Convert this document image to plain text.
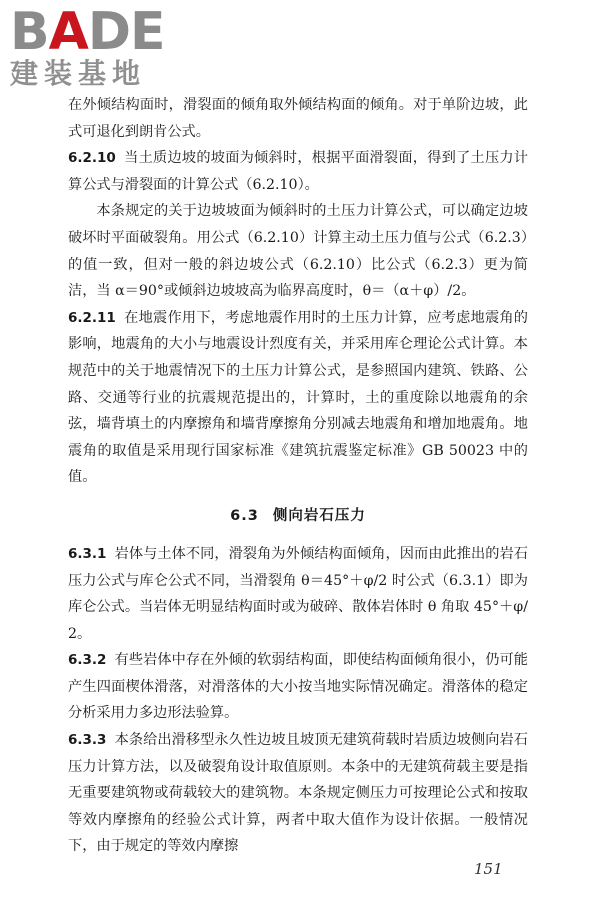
BADE
建装基地

在外倾结构面时，滑裂面的倾角取外倾结构面的倾角。对于单阶边坡，此式可退化到朗肯公式。

6.2.10 当土质边坡的坡面为倾斜时，根据平面滑裂面，得到了土压力计算公式与滑裂面的计算公式（6.2.10）。

本条规定的关于边坡坡面为倾斜时的土压力计算公式，可以确定边坡破坏时平面破裂角。用公式（6.2.10）计算主动土压力值与公式（6.2.3）的值一致，但对一般的斜边坡公式（6.2.10）比公式（6.2.3）更为简洁，当 α＝90°或倾斜边坡坡高为临界高度时，θ＝（α＋φ）/2。

6.2.11 在地震作用下，考虑地震作用时的土压力计算，应考虑地震角的影响，地震角的大小与地震设计烈度有关，并采用库仑理论公式计算。本规范中的关于地震情况下的土压力计算公式，是参照国内建筑、铁路、公路、交通等行业的抗震规范提出的，计算时，土的重度除以地震角的余弦，墙背填土的内摩擦角和墙背摩擦角分别减去地震角和增加地震角。地震角的取值是采用现行国家标准《建筑抗震鉴定标准》GB 50023 中的值。

6.3 侧向岩石压力

6.3.1 岩体与土体不同，滑裂角为外倾结构面倾角，因而由此推出的岩石压力公式与库仑公式不同，当滑裂角 θ＝45°＋φ/2 时公式（6.3.1）即为库仑公式。当岩体无明显结构面时或为破碎、散体岩体时 θ 角取 45°＋φ/2。

6.3.2 有些岩体中存在外倾的软弱结构面，即使结构面倾角很小，仍可能产生四面楔体滑落，对滑落体的大小按当地实际情况确定。滑落体的稳定分析采用力多边形法验算。

6.3.3 本条给出滑移型永久性边坡且坡顶无建筑荷载时岩质边坡侧向岩石压力计算方法，以及破裂角设计取值原则。本条中的无建筑荷载主要是指无重要建筑物或荷载较大的建筑物。本条规定侧压力可按理论公式和按取等效内摩擦角的经验公式计算，两者中取大值作为设计依据。一般情况下，由于规定的等效内摩擦

151
